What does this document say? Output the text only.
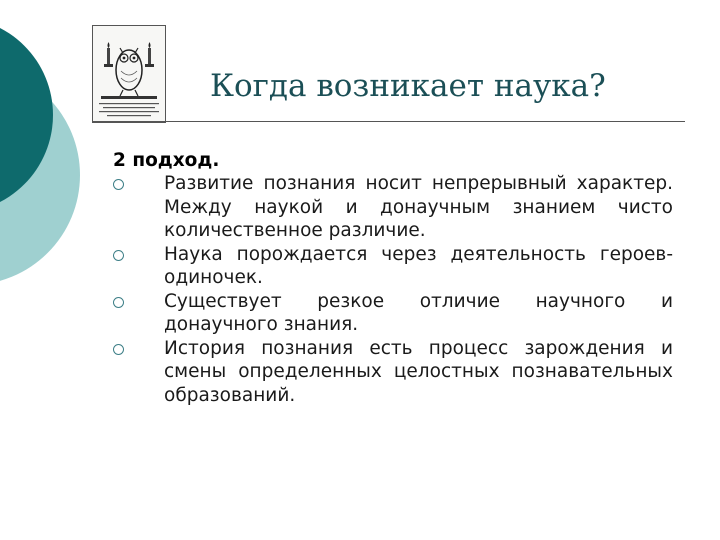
Когда возникает наука?
2 подход.
Развитие познания носит непрерывный характер. Между наукой и донаучным знанием чисто количественное различие.
Наука порождается через деятельность героев-одиночек.
Существует резкое отличие научного и донаучного знания.
История познания есть процесс зарождения и смены определенных целостных познавательных образований.
